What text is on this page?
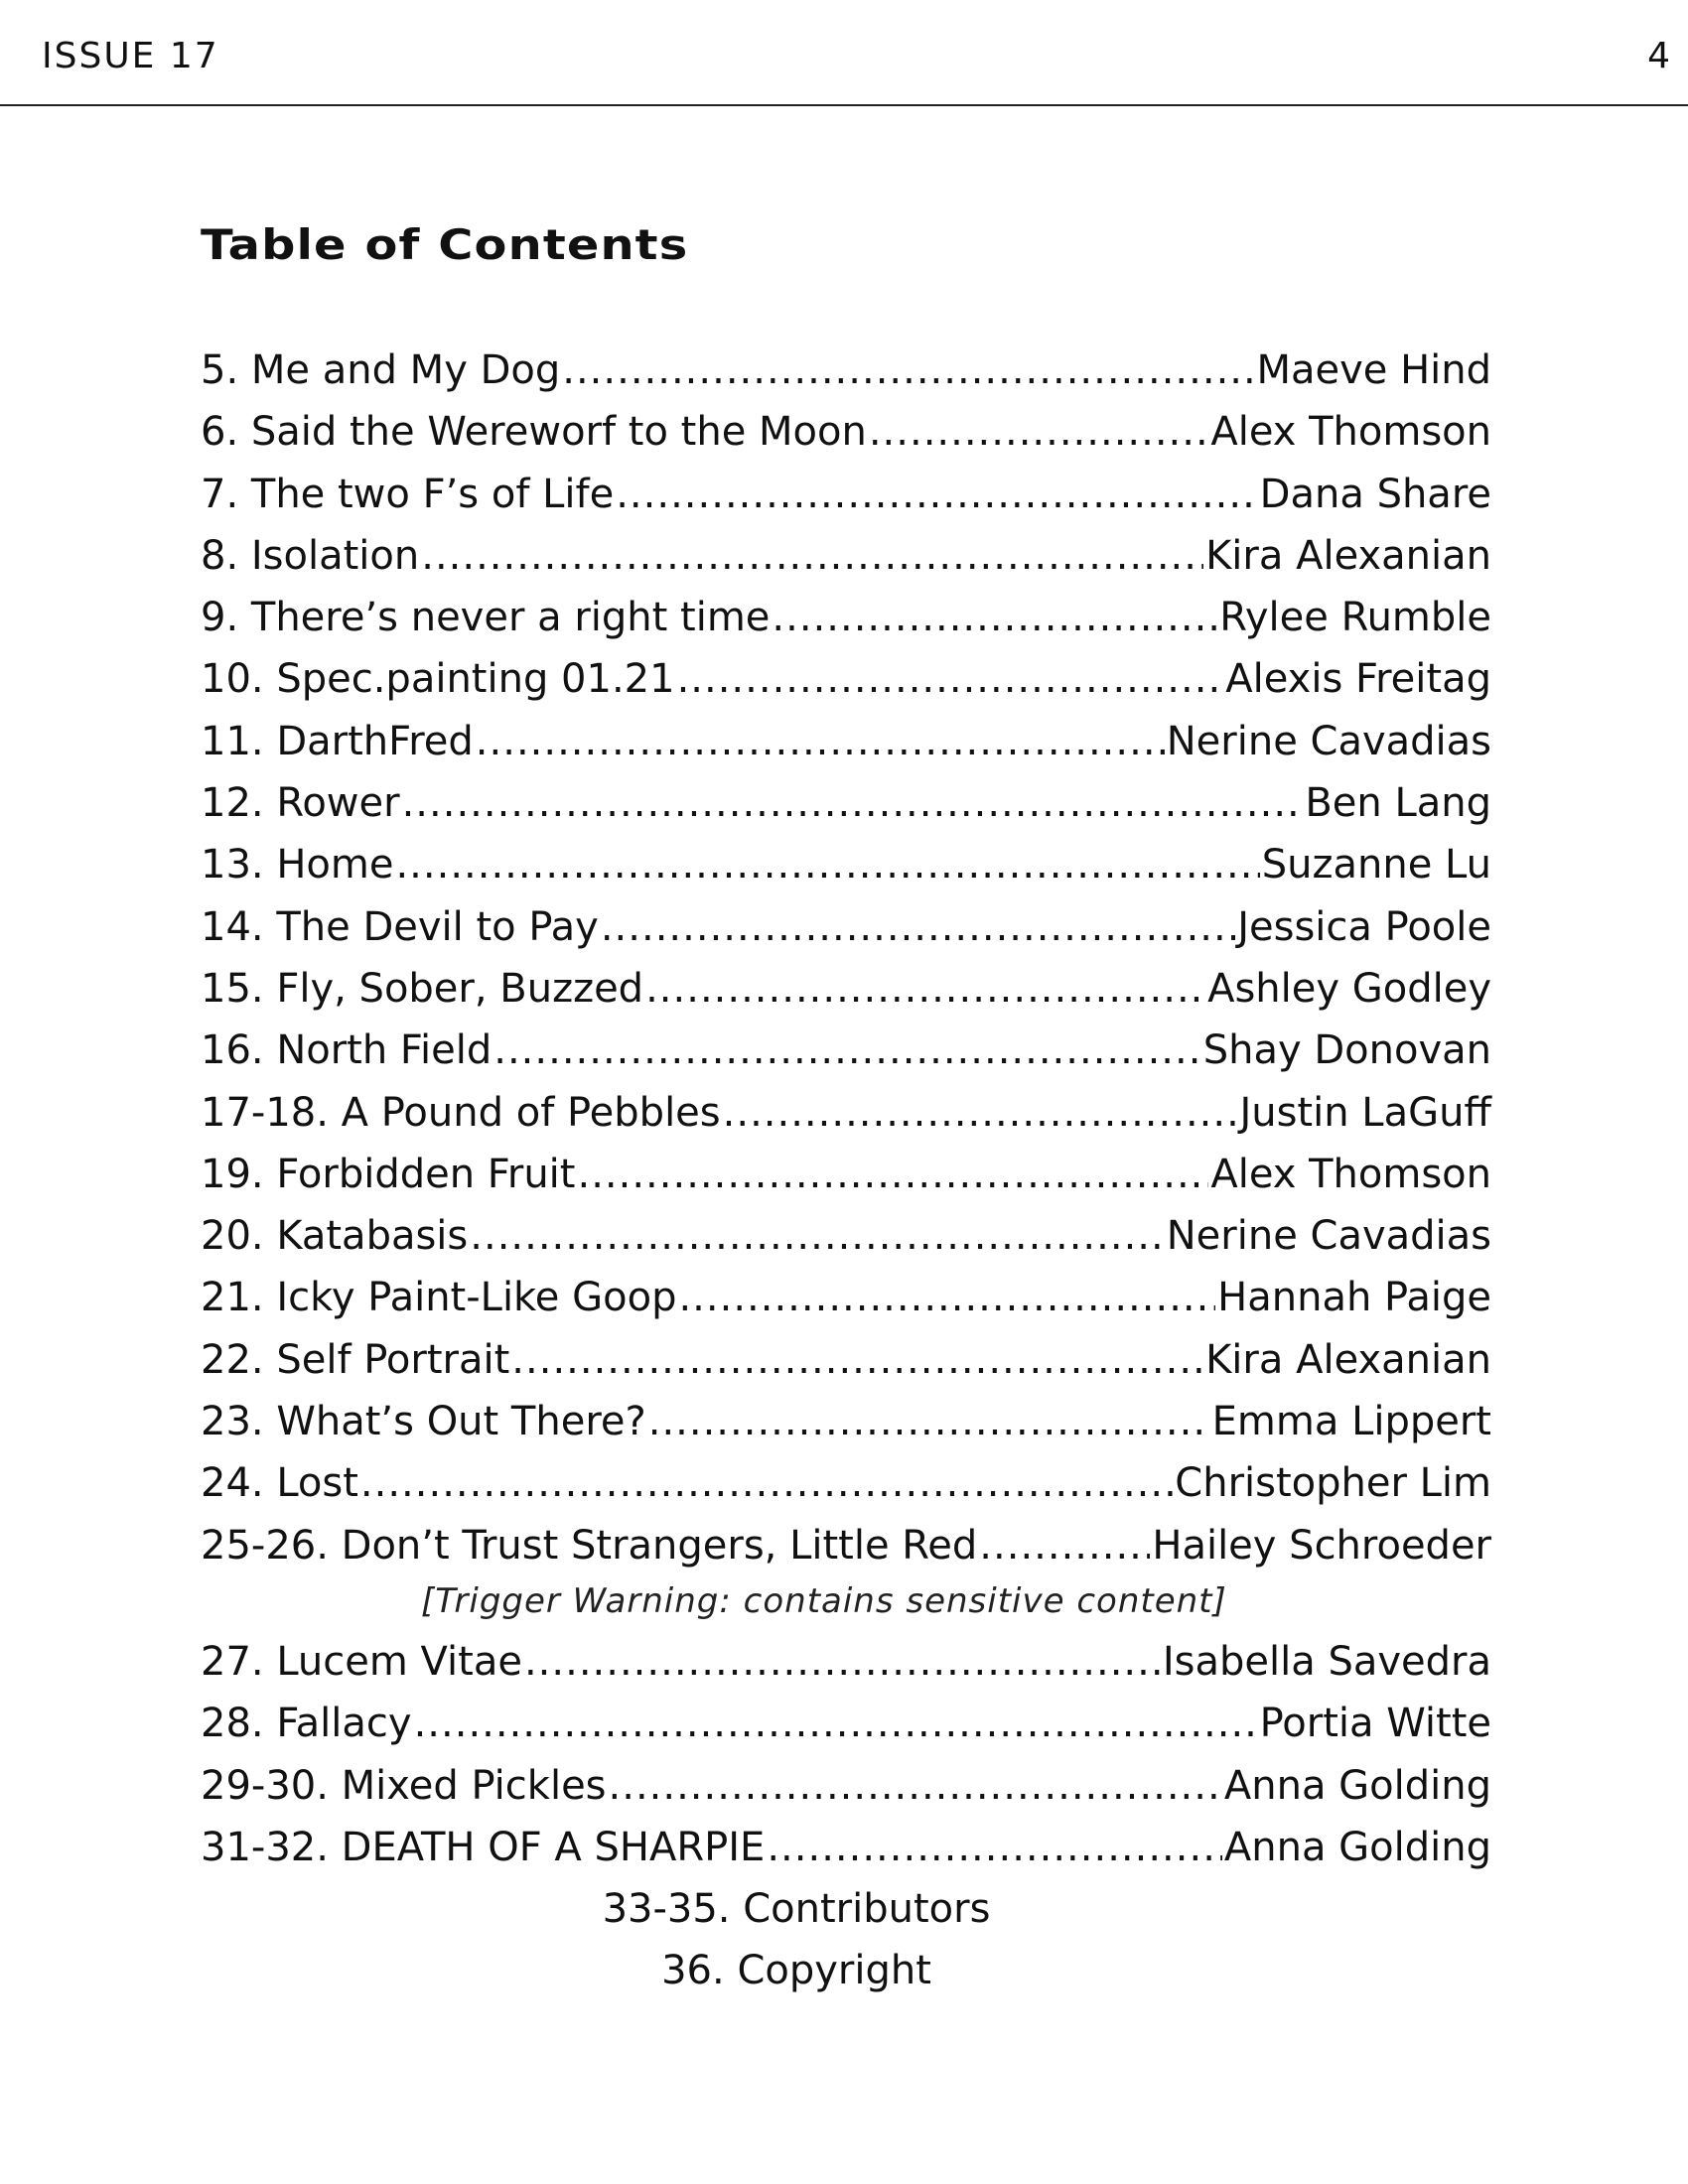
ISSUE 17	4
Table of Contents
5. Me and My Dog .....	Maeve Hind
6. Said the Wereworf to the Moon .....	Alex Thomson
7. The two F’s of Life .....	Dana Share
8. Isolation .....	Kira Alexanian
9. There’s never a right time .....	Rylee Rumble
10. Spec.painting 01.21 .....	Alexis Freitag
11. DarthFred .....	Nerine Cavadias
12. Rower .....	Ben Lang
13. Home .....	Suzanne Lu
14. The Devil to Pay .....	Jessica Poole
15. Fly, Sober, Buzzed .....	Ashley Godley
16. North Field .....	Shay Donovan
17-18. A Pound of Pebbles .....	Justin LaGuff
19. Forbidden Fruit .....	Alex Thomson
20. Katabasis .....	Nerine Cavadias
21. Icky Paint-Like Goop .....	Hannah Paige
22. Self Portrait .....	Kira Alexanian
23. What’s Out There? .....	Emma Lippert
24. Lost .....	Christopher Lim
25-26. Don’t Trust Strangers, Little Red .....	Hailey Schroeder
[Trigger Warning: contains sensitive content]
27. Lucem Vitae .....	Isabella Savedra
28. Fallacy .....	Portia Witte
29-30. Mixed Pickles .....	Anna Golding
31-32. DEATH OF A SHARPIE .....	Anna Golding
33-35. Contributors
36. Copyright
